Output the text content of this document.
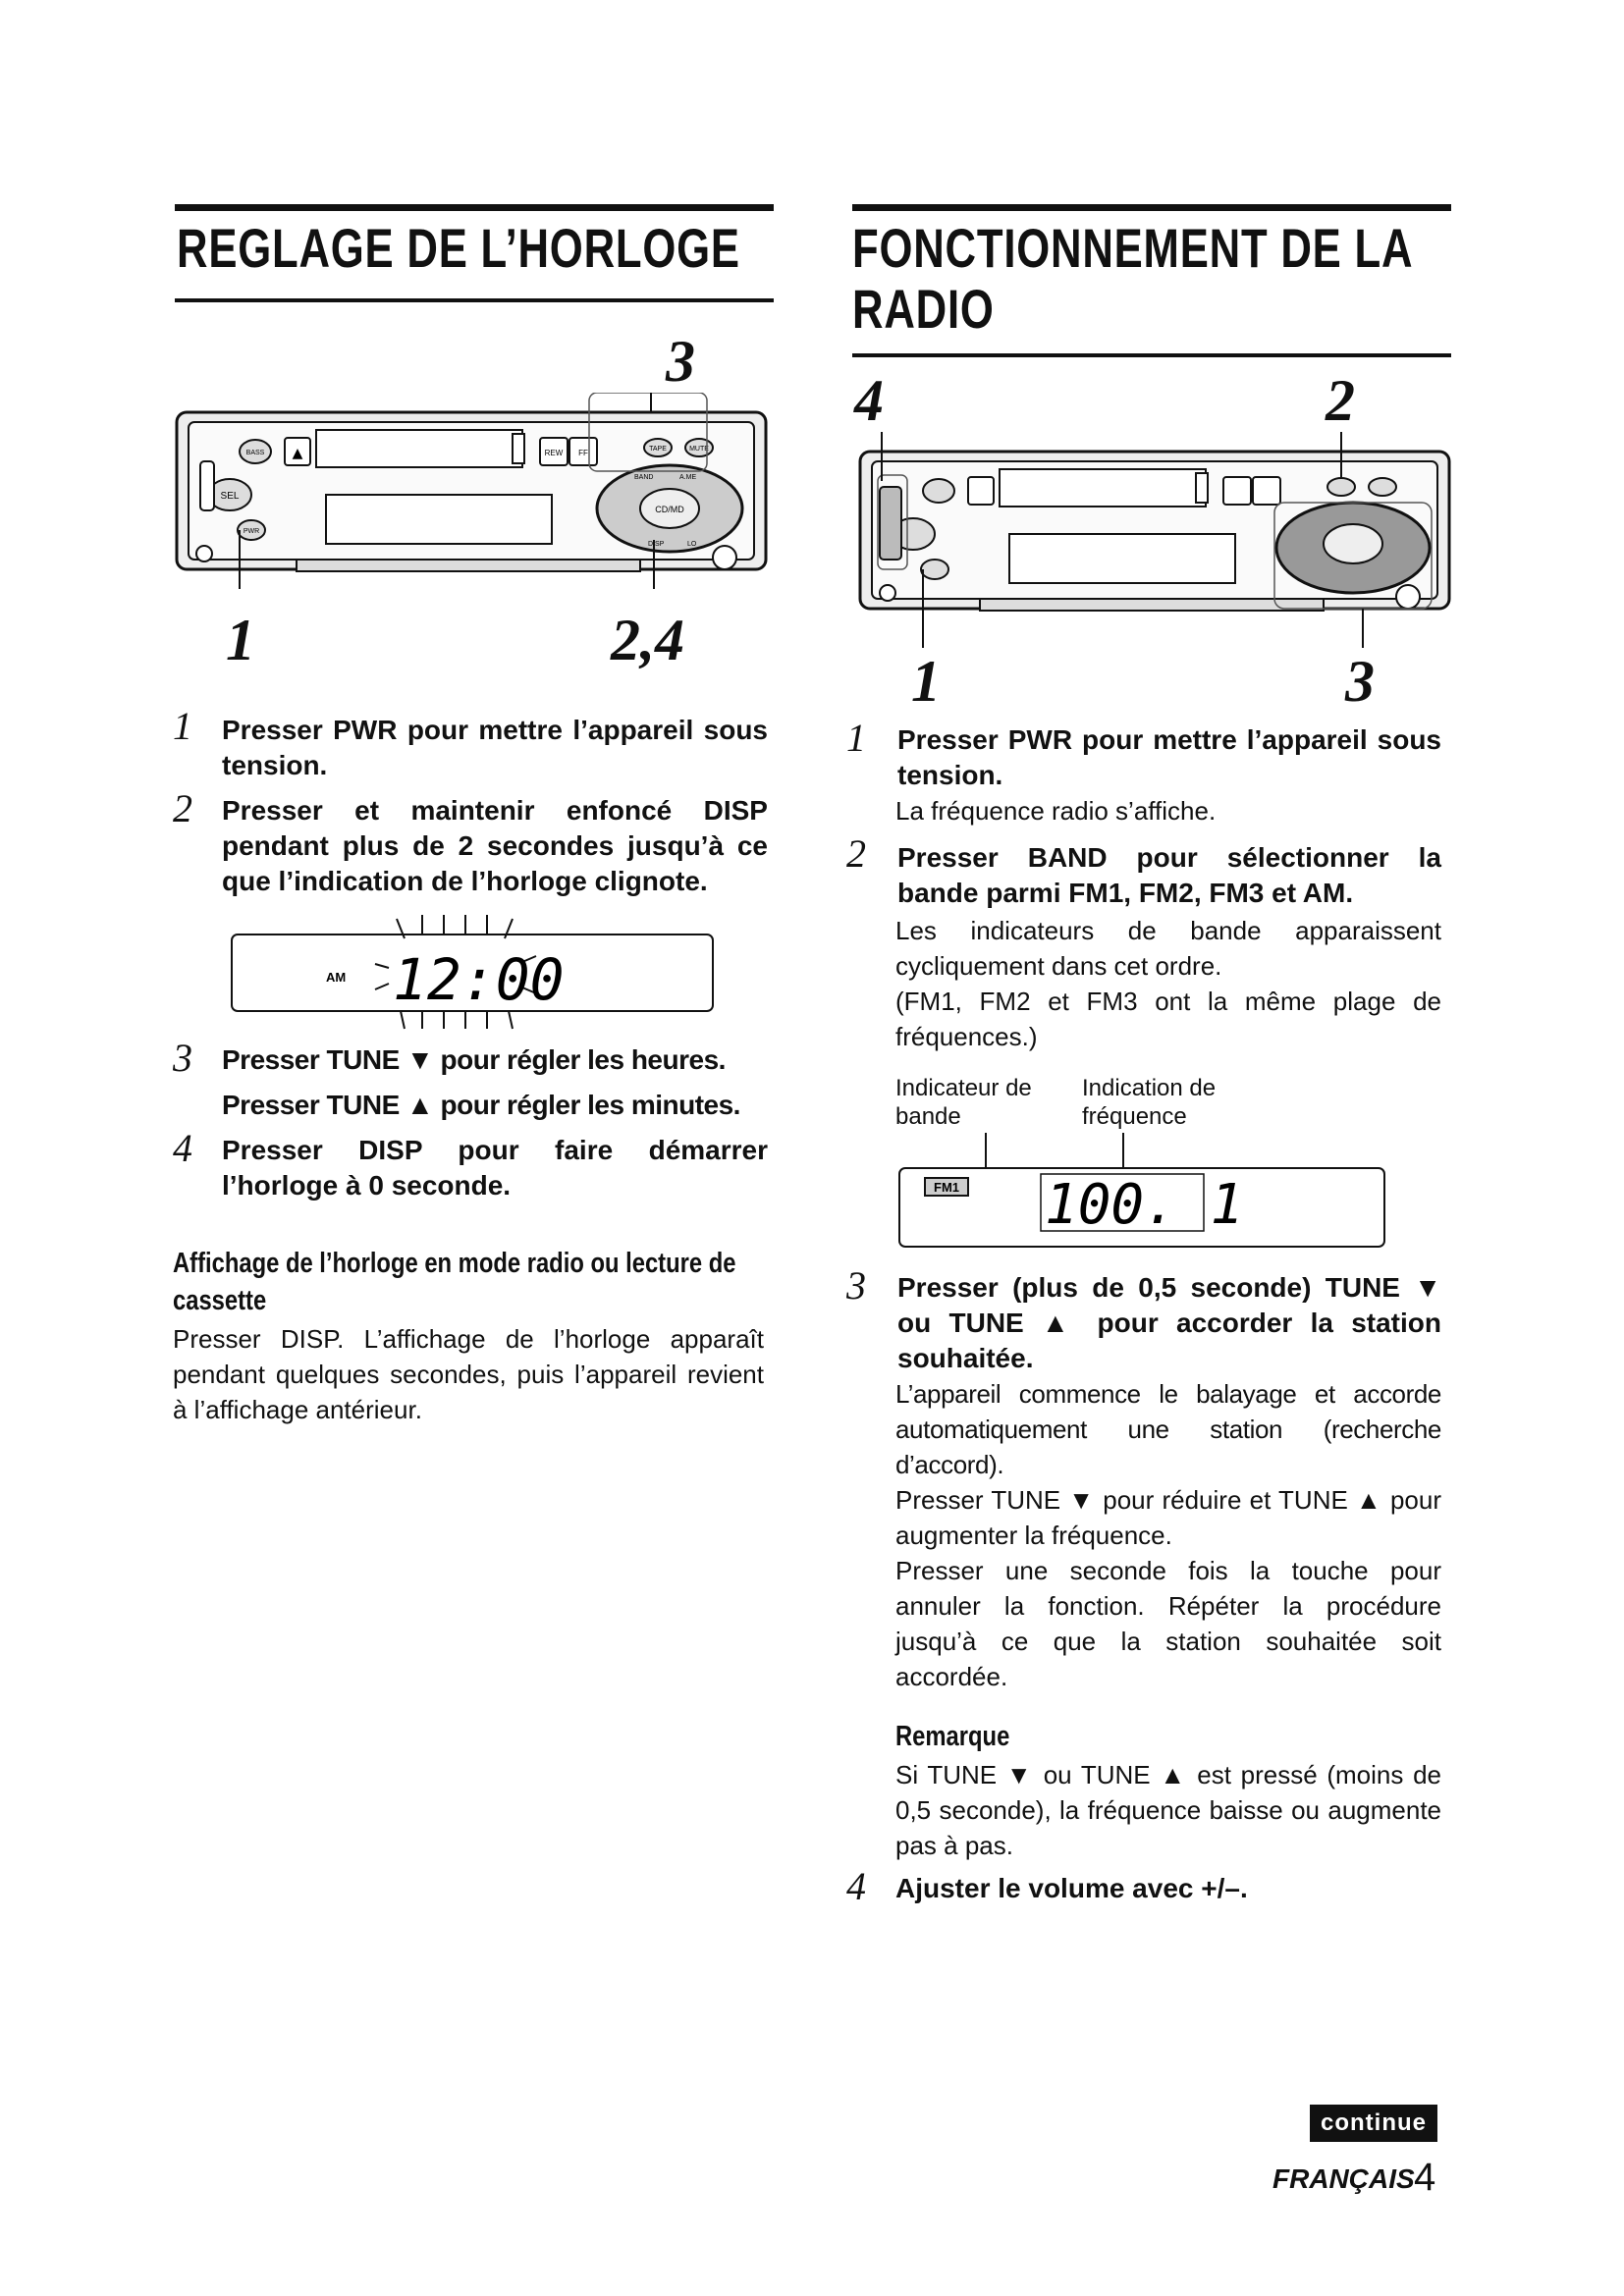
REGLAGE DE L’HORLOGE
3
▲	REW FF
BASS
SEL
PWR
TAPE	MUTE
CD/MD
BAND	A.ME
DISP	LO
1	2,4
1 Presser PWR pour mettre l’appareil sous tension.
2 Presser et maintenir enfoncé DISP pendant plus de 2 secondes jusqu’à ce que l’indication de l’horloge clignote.
AM 12:00
3 Presser TUNE ▼ pour régler les heures.
Presser TUNE ▲ pour régler les minutes.
4 Presser DISP pour faire démarrer l’horloge à 0 seconde.
Affichage de l’horloge en mode radio ou lecture de cassette
Presser DISP. L’affichage de l’horloge apparaît pendant quelques secondes, puis l’appareil revient à l’affichage antérieur.
FONCTIONNEMENT DE LA
RADIO
4	2
1	3
1 Presser PWR pour mettre l’appareil sous tension.
La fréquence radio s’affiche.
2 Presser BAND pour sélectionner la bande parmi FM1, FM2, FM3 et AM.
Les indicateurs de bande apparaissent cycliquement dans cet ordre.
(FM1, FM2 et FM3 ont la même plage de fréquences.)
Indicateur de bande
Indication de fréquence
FM1 100. 1
3 Presser (plus de 0,5 seconde) TUNE ▼ ou TUNE ▲ pour accorder la station souhaitée.
L’appareil commence le balayage et accorde automatiquement une station (recherche d’accord).
Presser TUNE ▼ pour réduire et TUNE ▲ pour augmenter la fréquence.
Presser une seconde fois la touche pour annuler la fonction. Répéter la procédure jusqu’à ce que la station souhaitée soit accordée.
Remarque
Si TUNE ▼ ou TUNE ▲ est pressé (moins de 0,5 seconde), la fréquence baisse ou augmente pas à pas.
4 Ajuster le volume avec +/–.
continue
FRANÇAIS 4
